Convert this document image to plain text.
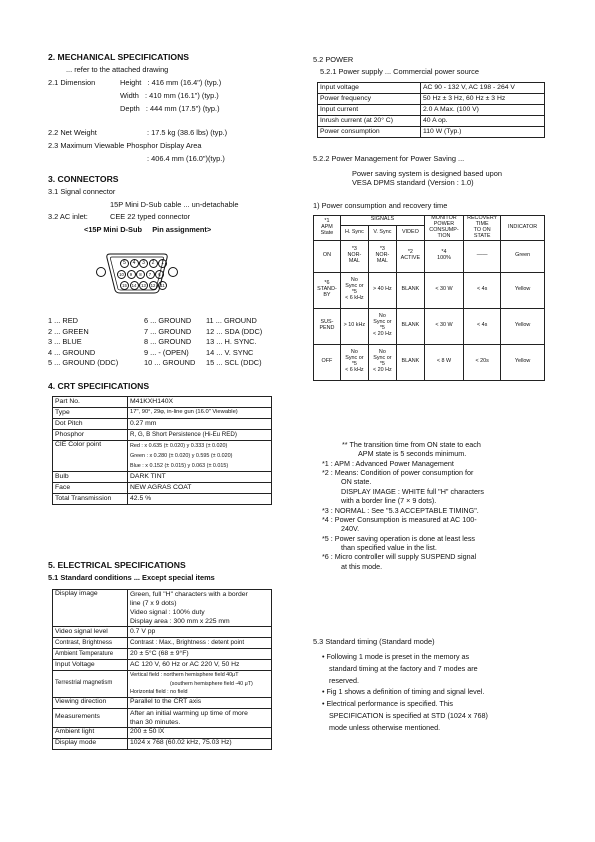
2. MECHANICAL SPECIFICATIONS
... refer to the attached drawing
2.1 Dimension	Height   : 416 mm (16.4") (typ.)
Width   : 410 mm (16.1") (typ.)
Depth   : 444 mm (17.5") (typ.)
2.2 Net Weight	: 17.5 kg (38.6 lbs) (typ.)
2.3 Maximum Viewable Phosphor Display Area
: 406.4 mm (16.0")(typ.)
3. CONNECTORS
3.1 Signal connector
15P Mini D-Sub cable ... un-detachable
3.2 AC inlet:	CEE 22 typed connector
<15P Mini D-Sub     Pin assignment>
5 4 3 2 1
10 9 8 7 6
15 14 13 12 11
1 ... RED
2 ... GREEN
3 ... BLUE
4 ... GROUND
5 ... GROUND (DDC)
6 ... GROUND
7 ... GROUND
8 ... GROUND
9 ... - (OPEN)
10 ... GROUND
11 ... GROUND
12 ... SDA (DDC)
13 ... H. SYNC.
14 ... V. SYNC
15 ... SCL (DDC)
4. CRT SPECIFICATIONS
Part No.	M41KXH140X
Type	17", 90°, 29φ, in-line gun (16.0" Viewable)
Dot Pitch	0.27 mm
Phosphor	R, G, B Short Persistence (Hi-Eu RED)
CIE Color point	Red : x 0.635 (± 0.020) y 0.333 (± 0.020)
	Green : x 0.280 (± 0.020) y 0.595 (± 0.020)
	Blue : x 0.152 (± 0.015) y 0.063 (± 0.015)
Bulb	DARK TINT
Face	NEW AGRAS COAT
Total Transmission	42.5 %
5. ELECTRICAL SPECIFICATIONS
5.1 Standard conditions ... Except special items
Display image	Green, full "H" characters with a border
line (7 x 9 dots)
Video signal : 100% duty
Display area : 300 mm x 225 mm

Video signal level	0.7 V pp
Contrast, Brightness	Contrast : Max., Brightness : detent point
Ambient Temperature	20 ± 5°C (68 ± 9°F)
Input Voltage	AC 120 V, 60 Hz or AC 220 V, 50 Hz
Terrestrial magnetism	Vertical field : northern hemisphere field 40μT
(southern hemisphere field -40 μT)
Horizontal field : no field

Viewing direction	Parallel to the CRT axis
Measurements	After an initial warming up time of more
than 30 minutes.

Ambient light	200 ± 50 lX
Display mode	1024 x 768 (60.02 kHz, 75.03 Hz)
5.2 POWER
5.2.1 Power supply ... Commercial power source
Input voltage	AC 90 - 132 V, AC 198 - 264 V
Power frequency	50 Hz ± 3 Hz, 60 Hz ± 3 Hz
Input current	2.0 A Max. (100 V)
Inrush current (at 20° C)	40 A op.
Power consumption	110 W (Typ.)
5.2.2 Power Management for Power Saving ...
Power saving system is designed based upon
VESA DPMS standard (Version : 1.0)
1) Power consumption and recovery time
*1
APM
State	SIGNALS			MONITOR
POWER
CONSUMP-
TION	RECOVERY
TIME
TO ON
STATE	INDICATOR
	H. Sync	V. Sync	VIDEO			
ON	*3
NOR-
MAL	*3
NOR-
MAL	*2
ACTIVE	*4
100%	——	Green
*6
STAND-
BY	No
Sync or
*5
< 6 kHz	> 40 Hz	BLANK	< 30 W	< 4s	Yellow
SUS-
PEND	> 10 kHz	No
Sync or
*5
< 20 Hz	BLANK	< 30 W	< 4s	Yellow
OFF	No
Sync or
*5
< 6 kHz	No
Sync or
*5
< 20 Hz	BLANK	< 8 W	< 20s	Yellow
** The transition time from ON state to each
APM state is 5 seconds minimum.
*1 : APM : Advanced Power Management
*2 : Means: Condition of power consumption for
ON state.
DISPLAY IMAGE : WHITE full "H" characters
with a border line (7 × 9 dots).
*3 : NORMAL : See "5.3 ACCEPTABLE TIMING".
*4 : Power Consumption is measured at AC 100-
240V.
*5 : Power saving operation is done at least less
than specified value in the list.
*6 : Micro controller will supply SUSPEND signal
at this mode.
5.3 Standard timing (Standard mode)
• Following 1 mode is preset in the memory as
standard timing at the factory and 7 modes are
reserved.
• Fig 1 shows a definition of timing and signal level.
• Electrical performance is specified. This
SPECIFICATION is specified at STD (1024 x 768)
mode unless otherwise mentioned.
